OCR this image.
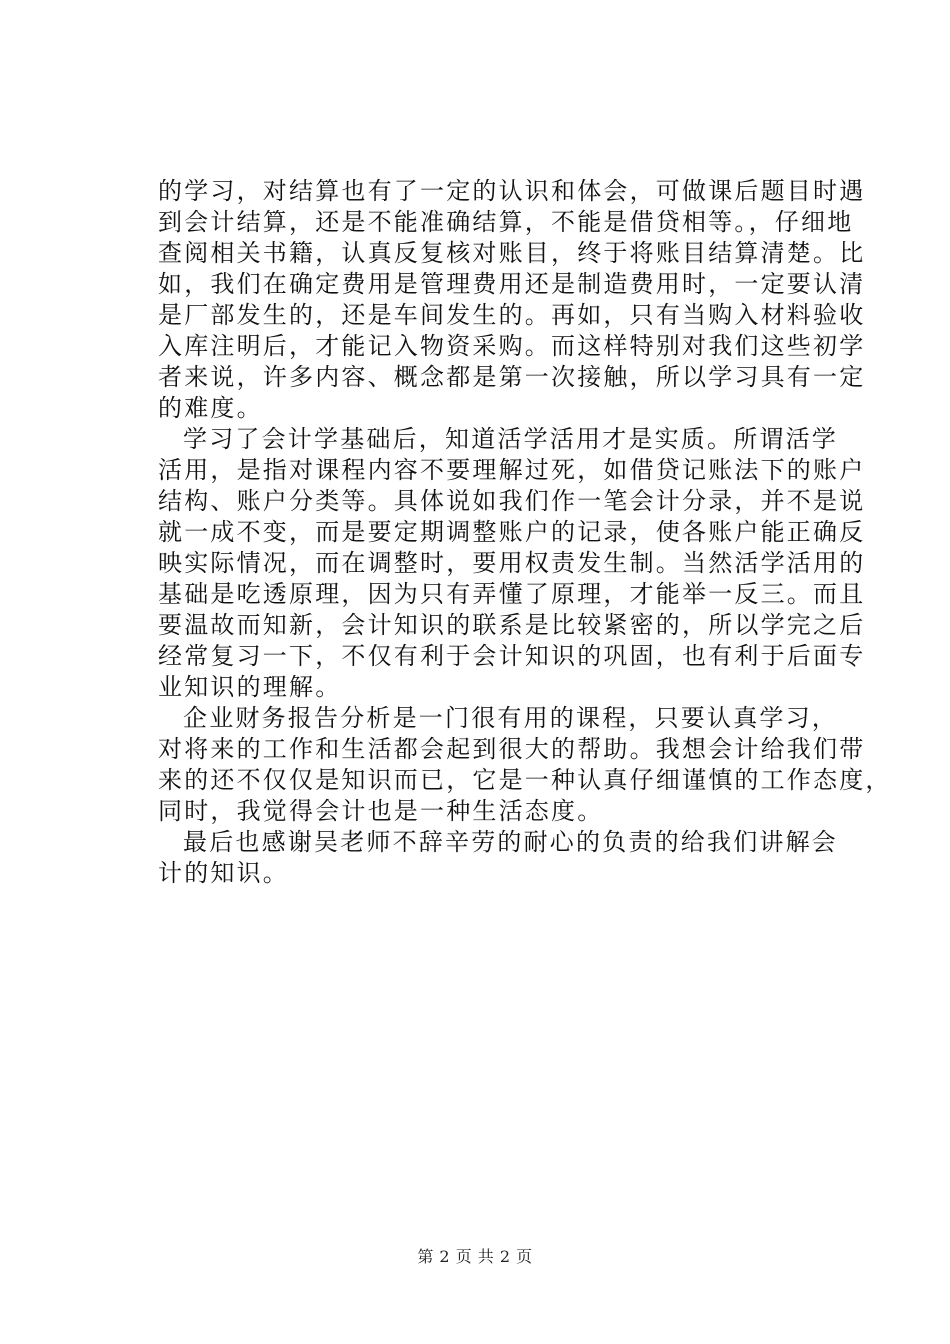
的学习，对结算也有了一定的认识和体会，可做课后题目时遇
到会计结算，还是不能准确结算，不能是借贷相等。，仔细地
查阅相关书籍，认真反复核对账目，终于将账目结算清楚。比
如，我们在确定费用是管理费用还是制造费用时，一定要认清
是厂部发生的，还是车间发生的。再如，只有当购入材料验收
入库注明后，才能记入物资采购。而这样特别对我们这些初学
者来说，许多内容、概念都是第一次接触，所以学习具有一定
的难度。
学习了会计学基础后，知道活学活用才是实质。所谓活学
活用，是指对课程内容不要理解过死，如借贷记账法下的账户
结构、账户分类等。具体说如我们作一笔会计分录，并不是说
就一成不变，而是要定期调整账户的记录，使各账户能正确反
映实际情况，而在调整时，要用权责发生制。当然活学活用的
基础是吃透原理，因为只有弄懂了原理，才能举一反三。而且
要温故而知新，会计知识的联系是比较紧密的，所以学完之后
经常复习一下，不仅有利于会计知识的巩固，也有利于后面专
业知识的理解。
企业财务报告分析是一门很有用的课程，只要认真学习，
对将来的工作和生活都会起到很大的帮助。我想会计给我们带
来的还不仅仅是知识而已，它是一种认真仔细谨慎的工作态度，
同时，我觉得会计也是一种生活态度。
最后也感谢吴老师不辞辛劳的耐心的负责的给我们讲解会
计的知识。
第 2 页 共 2 页
